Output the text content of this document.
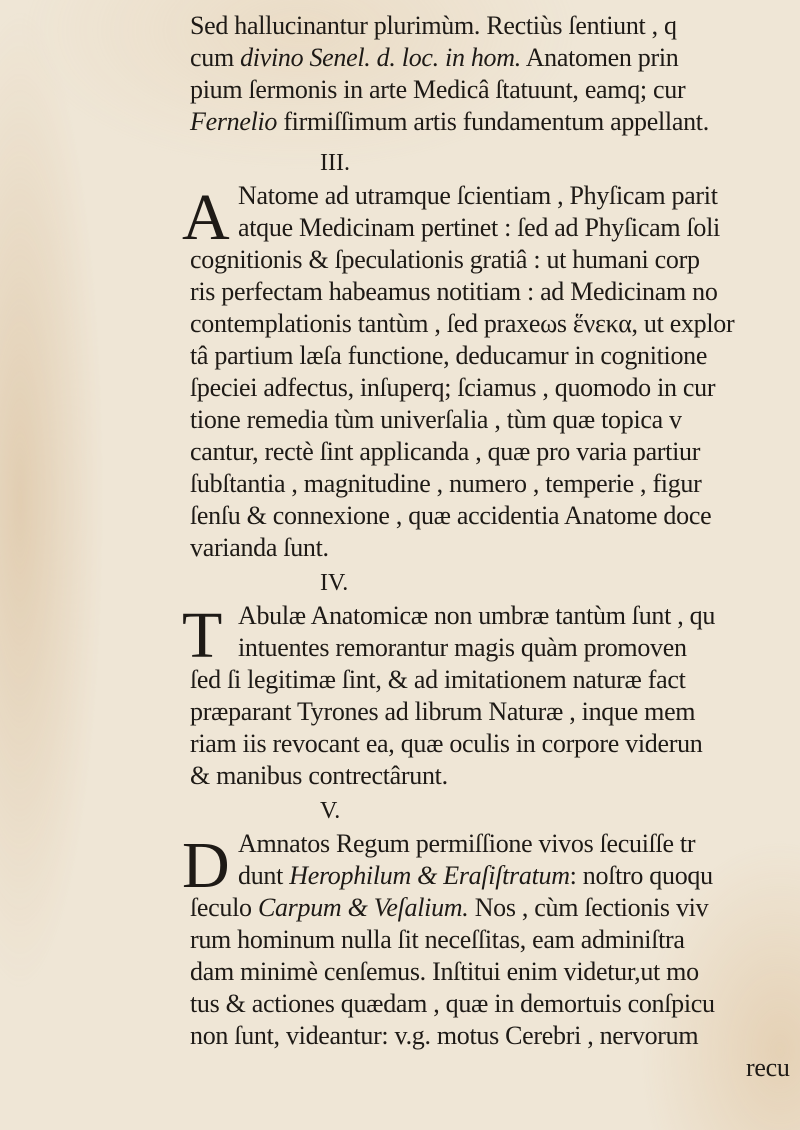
Sed hallucinantur plurimùm. Rectiùs ſentiunt , q
cum divino Senel. d. loc. in hom. Anatomen prin
pium ſermonis in arte Medicâ ſtatuunt, eamq; cur
Fernelio firmiſſimum artis fundamentum appellant.
III.
A Natome ad utramque ſcientiam , Phyſicam parit
atque Medicinam pertinet : ſed ad Phyſicam ſoli
cognitionis & ſpeculationis gratiâ : ut humani corp
ris perfectam habeamus notitiam : ad Medicinam no
contemplationis tantùm , ſed praxeωs ἕνεκα, ut explor
tâ partium læſa functione, deducamur in cognitione
ſpeciei adfectus, inſuperq; ſciamus , quomodo in cur
tione remedia tùm univerſalia , tùm quæ topica v
cantur, rectè ſint applicanda , quæ pro varia partiur
ſubſtantia , magnitudine , numero , temperie , figur
ſenſu & connexione , quæ accidentia Anatome doce
varianda ſunt.
IV.
T Abulæ Anatomicæ non umbræ tantùm ſunt , qu
intuentes remorantur magis quàm promoven
ſed ſi legitimæ ſint, & ad imitationem naturæ fact
præparant Tyrones ad librum Naturæ , inque mem
riam iis revocant ea, quæ oculis in corpore viderun
& manibus contrectârunt.
V.
D Amnatos Regum permiſſione vivos ſecuiſſe tr
dunt Herophilum & Eraſiſtratum: noſtro quoqu
ſeculo Carpum & Veſalium. Nos , cùm ſectionis viv
rum hominum nulla ſit neceſſitas, eam adminiſtra
dam minimè cenſemus. Inſtitui enim videtur,ut mo
tus & actiones quædam , quæ in demortuis conſpicu
non ſunt, videantur: v.g. motus Cerebri , nervorum
recu
